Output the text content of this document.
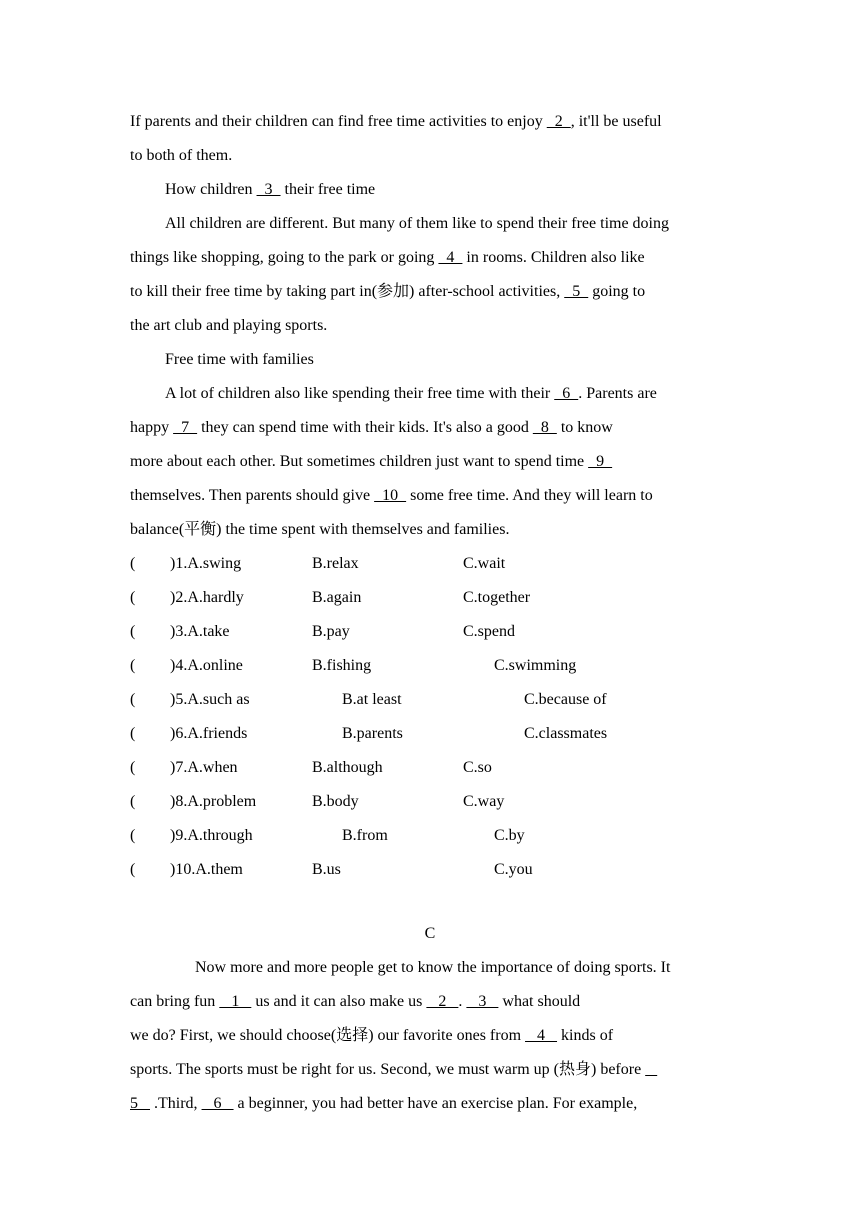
If parents and their children can find free time activities to enjoy   2  , it'll be useful
to both of them.
How children   3   their free time
All children are different. But many of them like to spend their free time doing
things like shopping, going to the park or going   4   in rooms. Children also like
to kill their free time by taking part in(参加) after-school activities,   5   going to
the art club and playing sports.
Free time with families
A lot of children also like spending their free time with their   6  . Parents are
happy   7   they can spend time with their kids. It's also a good   8   to know
more about each other. But sometimes children just want to spend time   9
themselves. Then parents should give   10   some free time. And they will learn to
balance(平衡) the time spent with themselves and families.
( )1.A.swing	B.relax	C.wait
( )2.A.hardly	B.again	C.together
( )3.A.take	B.pay	C.spend
( )4.A.online	B.fishing	C.swimming
( )5.A.such as	B.at least	C.because of
( )6.A.friends	B.parents	C.classmates
( )7.A.when	B.although	C.so
( )8.A.problem	B.body	C.way
( )9.A.through	B.from	C.by
( )10.A.them	B.us	C.you
C
Now more and more people get to know the importance of doing sports. It
can bring fun    1    us and it can also make us    2   .    3    what should
we do? First, we should choose(选择) our favorite ones from    4    kinds of
sports. The sports must be right for us. Second, we must warm up (热身) before
5    .Third,    6    a beginner, you had better have an exercise plan. For example,
